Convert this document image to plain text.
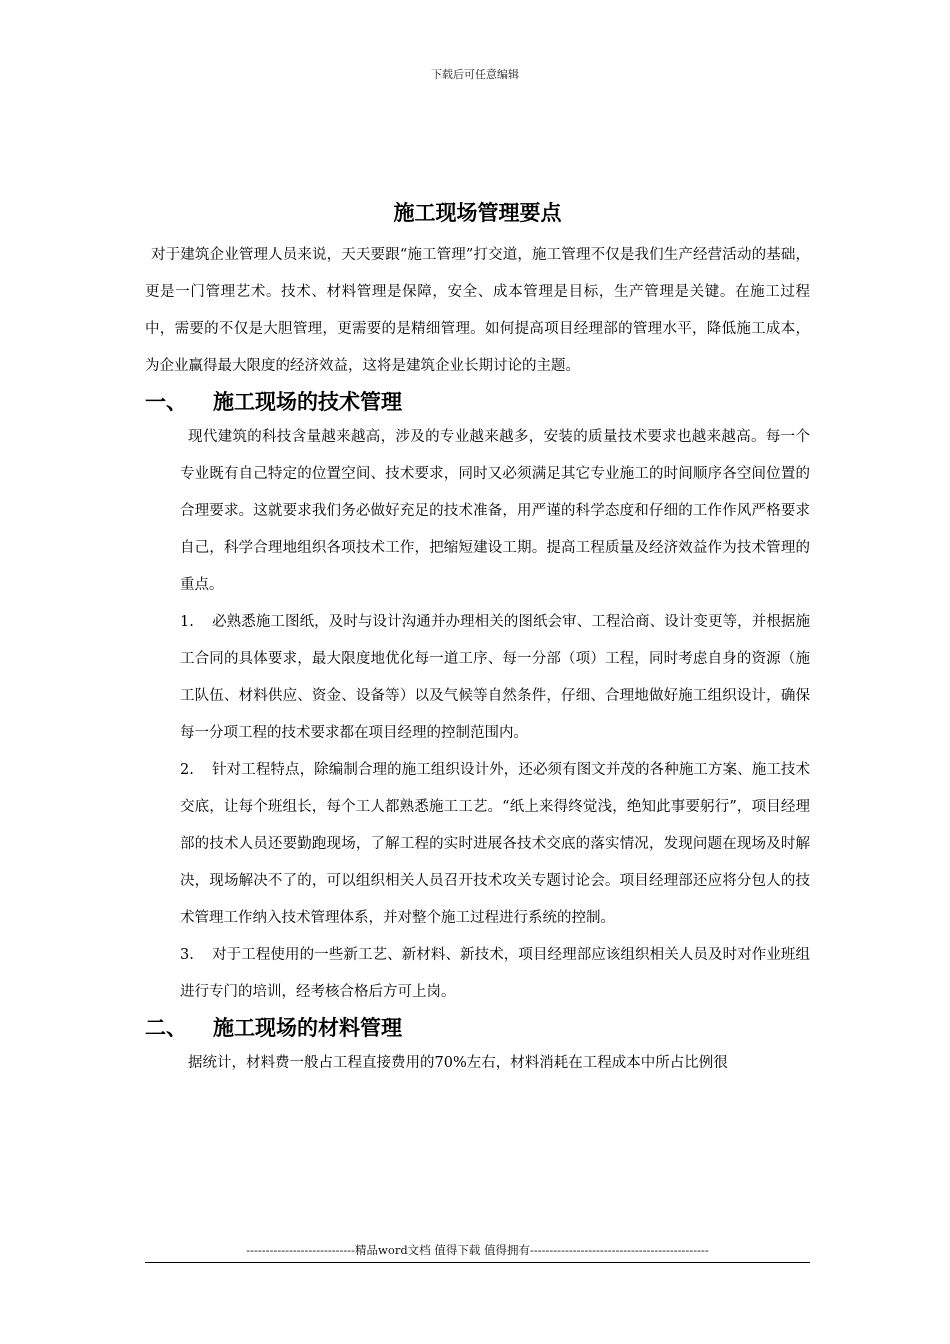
下载后可任意编辑
施工现场管理要点

对于建筑企业管理人员来说，天天要跟“施工管理”打交道，施工管理不仅是我们生产经营活动的基础，更是一门管理艺术。技术、材料管理是保障，安全、成本管理是目标，生产管理是关键。在施工过程中，需要的不仅是大胆管理，更需要的是精细管理。如何提高项目经理部的管理水平，降低施工成本，为企业赢得最大限度的经济效益，这将是建筑企业长期讨论的主题。

一、	施工现场的技术管理

现代建筑的科技含量越来越高，涉及的专业越来越多，安装的质量技术要求也越来越高。每一个专业既有自己特定的位置空间、技术要求，同时又必须满足其它专业施工的时间顺序各空间位置的合理要求。这就要求我们务必做好充足的技术准备，用严谨的科学态度和仔细的工作作风严格要求自己，科学合理地组织各项技术工作，把缩短建设工期。提高工程质量及经济效益作为技术管理的重点。

1. 必熟悉施工图纸，及时与设计沟通并办理相关的图纸会审、工程洽商、设计变更等，并根据施工合同的具体要求，最大限度地优化每一道工序、每一分部（项）工程，同时考虑自身的资源（施工队伍、材料供应、资金、设备等）以及气候等自然条件，仔细、合理地做好施工组织设计，确保每一分项工程的技术要求都在项目经理的控制范围内。

2. 针对工程特点，除编制合理的施工组织设计外，还必须有图文并茂的各种施工方案、施工技术交底，让每个班组长，每个工人都熟悉施工工艺。“纸上来得终觉浅，绝知此事要躬行”，项目经理部的技术人员还要勤跑现场，了解工程的实时进展各技术交底的落实情况，发现问题在现场及时解决，现场解决不了的，可以组织相关人员召开技术攻关专题讨论会。项目经理部还应将分包人的技术管理工作纳入技术管理体系，并对整个施工过程进行系统的控制。

3. 对于工程使用的一些新工艺、新材料、新技术，项目经理部应该组织相关人员及时对作业班组进行专门的培训，经考核合格后方可上岗。

二、	施工现场的材料管理

据统计，材料费一般占工程直接费用的70%左右，材料消耗在工程成本中所占比例很

----------------------------精品word文档 值得下载 值得拥有----------------------------------------------
